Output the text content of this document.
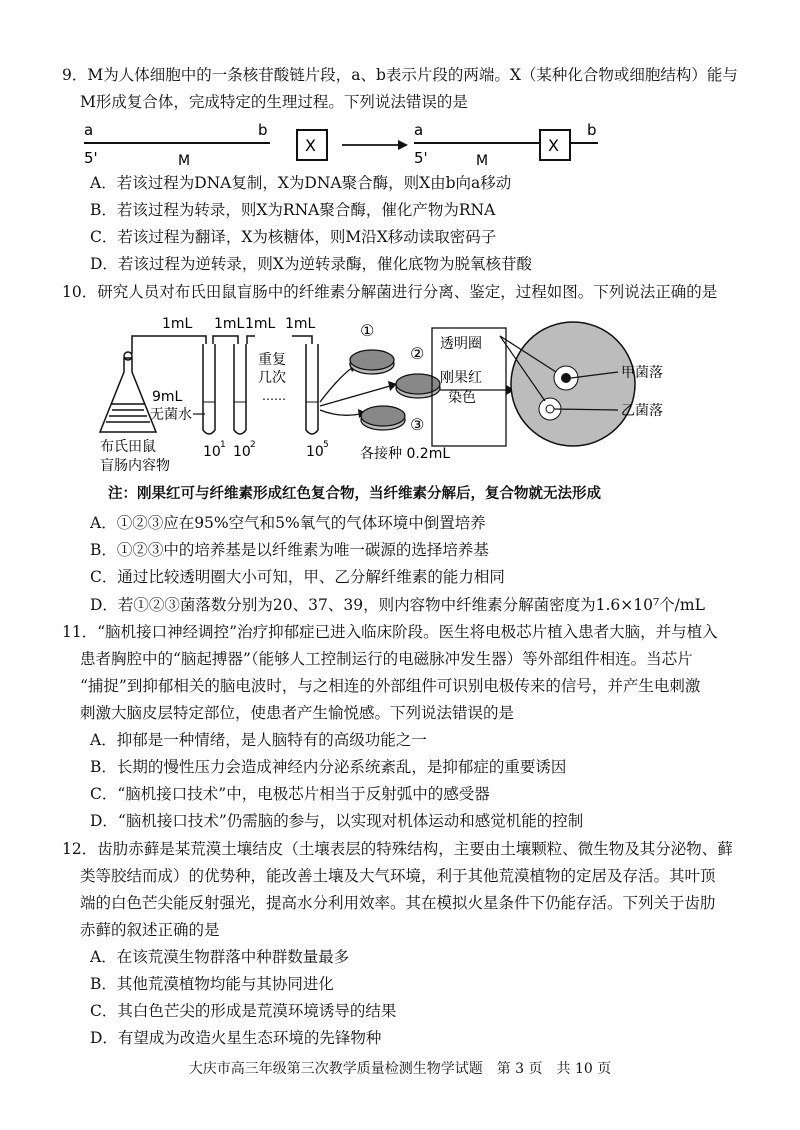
9．M为人体细胞中的一条核苷酸链片段，a、b表示片段的两端。X（某种化合物或细胞结构）能与
M形成复合体，完成特定的生理过程。下列说法错误的是
a	b
5'	M
X
a	b
X
5'	M
A．若该过程为DNA复制，X为DNA聚合酶，则X由b向a移动
B．若该过程为转录，则X为RNA聚合酶，催化产物为RNA
C．若该过程为翻译，X为核糖体，则M沿X移动读取密码子
D．若该过程为逆转录，则X为逆转录酶，催化底物为脱氧核苷酸
10．研究人员对布氏田鼠盲肠中的纤维素分解菌进行分离、鉴定，过程如图。下列说法正确的是
1mL 1mL 1mL 1mL
9mL
无菌水
布氏田鼠
盲肠内容物
10 1 10 2	10 5
重复
几次
……
①
②
③
各接种 0.2mL
透明圈
刚果红
染色
甲菌落
乙菌落
注：刚果红可与纤维素形成红色复合物，当纤维素分解后，复合物就无法形成
A．①②③应在95%空气和5%氧气的气体环境中倒置培养
B．①②③中的培养基是以纤维素为唯一碳源的选择培养基
C．通过比较透明圈大小可知，甲、乙分解纤维素的能力相同
D．若①②③菌落数分别为20、37、39，则内容物中纤维素分解菌密度为1.6×10⁷个/mL
11．“脑机接口神经调控”治疗抑郁症已进入临床阶段。医生将电极芯片植入患者大脑，并与植入
患者胸腔中的“脑起搏器”（能够人工控制运行的电磁脉冲发生器）等外部组件相连。当芯片
“捕捉”到抑郁相关的脑电波时，与之相连的外部组件可识别电极传来的信号，并产生电刺激
刺激大脑皮层特定部位，使患者产生愉悦感。下列说法错误的是
A．抑郁是一种情绪，是人脑特有的高级功能之一
B．长期的慢性压力会造成神经内分泌系统紊乱，是抑郁症的重要诱因
C．“脑机接口技术”中，电极芯片相当于反射弧中的感受器
D．“脑机接口技术”仍需脑的参与，以实现对机体运动和感觉机能的控制
12．齿肋赤藓是某荒漠土壤结皮（土壤表层的特殊结构，主要由土壤颗粒、微生物及其分泌物、藓
类等胶结而成）的优势种，能改善土壤及大气环境，利于其他荒漠植物的定居及存活。其叶顶
端的白色芒尖能反射强光，提高水分利用效率。其在模拟火星条件下仍能存活。下列关于齿肋
赤藓的叙述正确的是
A．在该荒漠生物群落中种群数量最多
B．其他荒漠植物均能与其协同进化
C．其白色芒尖的形成是荒漠环境诱导的结果
D．有望成为改造火星生态环境的先锋物种
大庆市高三年级第三次教学质量检测生物学试题　第 3 页　共 10 页
